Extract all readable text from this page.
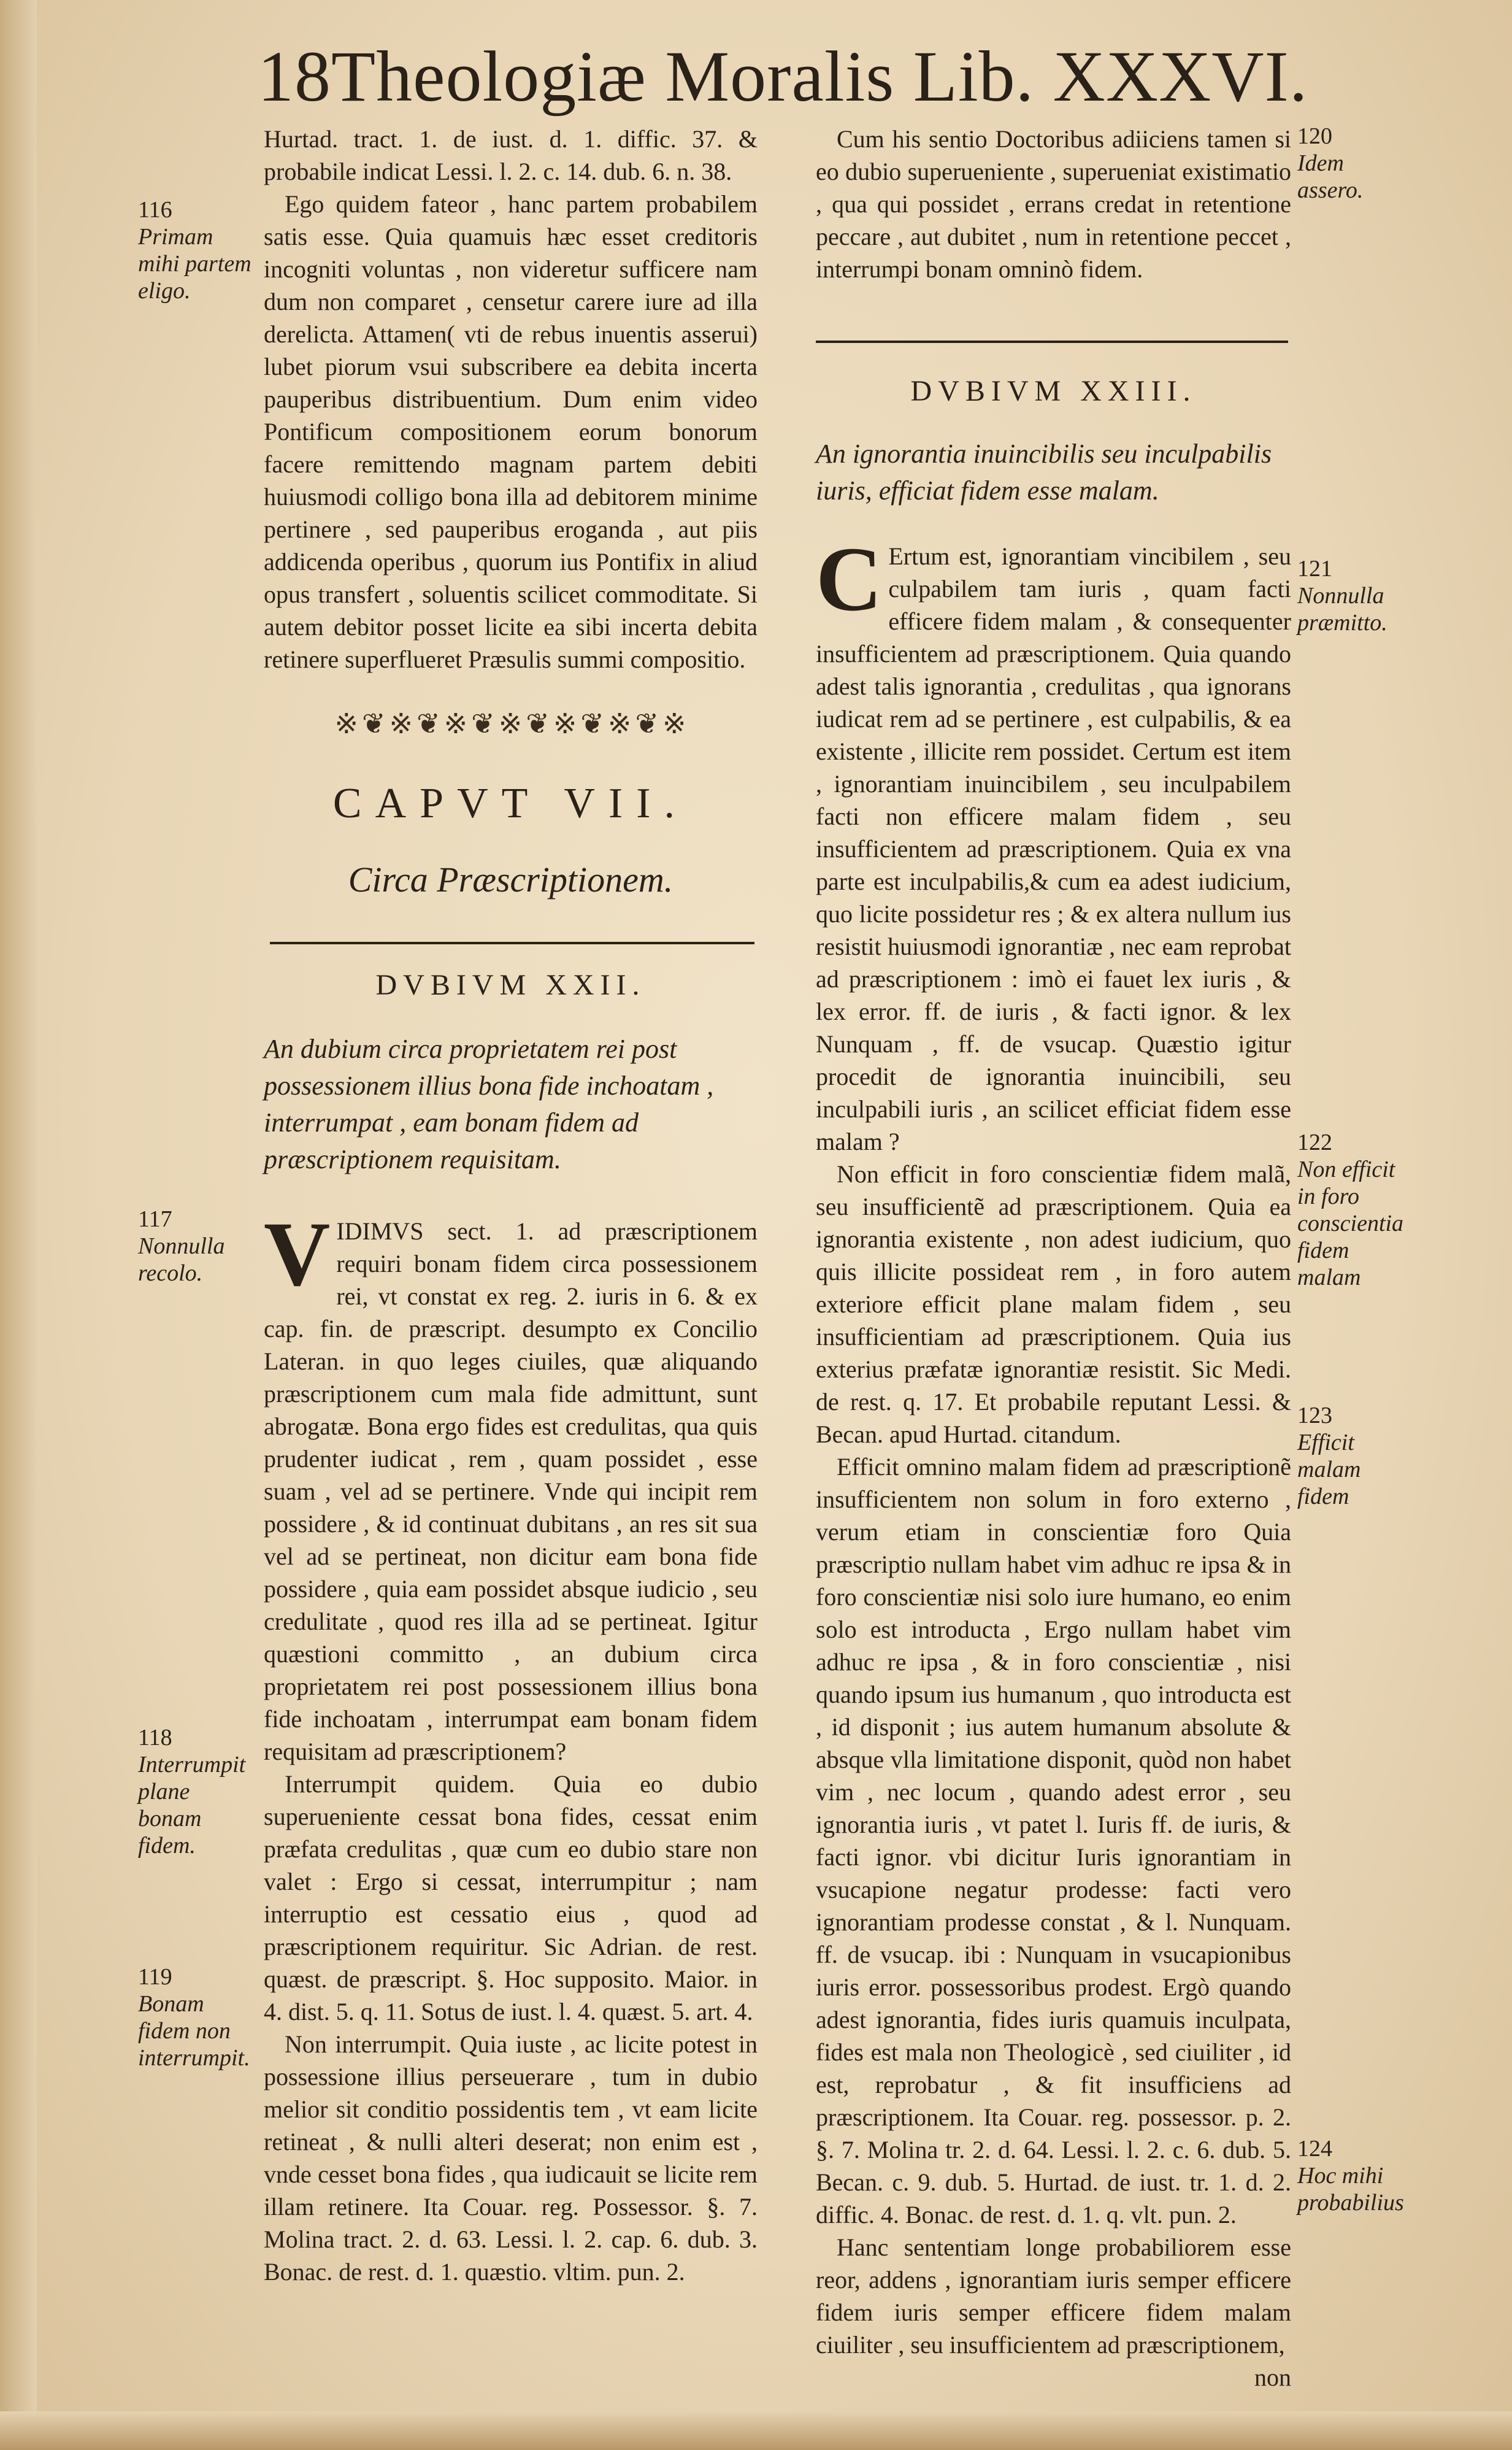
18Theologiæ Moralis Lib. XXXVI.

Hurtad. tract. 1. de iust. d. 1. diffic. 37. & probabile indicat Lessi. l. 2. c. 14. dub. 6. n. 38.

Ego quidem fateor , hanc partem probabilem satis esse. Quia quamuis hæc esset creditoris incogniti voluntas , non videretur sufficere nam dum non comparet , censetur carere iure ad illa derelicta. Attamen( vti de rebus inuentis asserui) lubet piorum vsui subscribere ea debita incerta pauperibus distribuentium. Dum enim video Pontificum compositionem eorum bonorum facere remittendo magnam partem debiti huiusmodi colligo bona illa ad debitorem minime pertinere , sed pauperibus eroganda , aut piis addicenda operibus , quorum ius Pontifix in aliud opus transfert , soluentis scilicet commoditate. Si autem debitor posset licite ea sibi incerta debita retinere superflueret Præsulis summi compositio.

※❦※❦※❦※❦※❦※❦※
CAPVT VII.
Circa Præscriptionem.
DVBIVM XXII.
An dubium circa proprietatem rei post possessionem illius bona fide inchoatam , interrumpat , eam bonam fidem ad præscriptionem requisitam.

VIDIMVS sect. 1. ad præscriptionem requiri bonam fidem circa possessionem rei, vt constat ex reg. 2. iuris in 6. & ex cap. fin. de præscript. desumpto ex Concilio Lateran. in quo leges ciuiles, quæ aliquando præscriptionem cum mala fide admittunt, sunt abrogatæ. Bona ergo fides est credulitas, qua quis prudenter iudicat , rem , quam possidet , esse suam , vel ad se pertinere. Vnde qui incipit rem possidere , & id continuat dubitans , an res sit sua vel ad se pertineat, non dicitur eam bona fide possidere , quia eam possidet absque iudicio , seu credulitate , quod res illa ad se pertineat. Igitur quæstioni committo , an dubium circa proprietatem rei post possessionem illius bona fide inchoatam , interrumpat eam bonam fidem requisitam ad præscriptionem?

Interrumpit quidem. Quia eo dubio superueniente cessat bona fides, cessat enim præfata credulitas , quæ cum eo dubio stare non valet : Ergo si cessat, interrumpitur ; nam interruptio est cessatio eius , quod ad præscriptionem requiritur. Sic Adrian. de rest. quæst. de præscript. §. Hoc supposito. Maior. in 4. dist. 5. q. 11. Sotus de iust. l. 4. quæst. 5. art. 4.

Non interrumpit. Quia iuste , ac licite potest in possessione illius perseuerare , tum in dubio melior sit conditio possidentis tem , vt eam licite retineat , & nulli alteri deserat; non enim est , vnde cesset bona fides , qua iudicauit se licite rem illam retinere. Ita Couar. reg. Possessor. §. 7. Molina tract. 2. d. 63. Lessi. l. 2. cap. 6. dub. 3. Bonac. de rest. d. 1. quæstio. vltim. pun. 2.

Cum his sentio Doctoribus adiiciens tamen si eo dubio superueniente , superueniat existimatio , qua qui possidet , errans credat in retentione peccare , aut dubitet , num in retentione peccet , interrumpi bonam omninò fidem.

DVBIVM XXIII.
An ignorantia inuincibilis seu inculpabilis iuris, efficiat fidem esse malam.

C Ertum est, ignorantiam vincibilem , seu culpabilem tam iuris , quam facti efficere fidem malam , & consequenter insufficientem ad præscriptionem. Quia quando adest talis ignorantia , credulitas , qua ignorans iudicat rem ad se pertinere , est culpabilis, & ea existente , illicite rem possidet. Certum est item , ignorantiam inuincibilem , seu inculpabilem facti non efficere malam fidem , seu insufficientem ad præscriptionem. Quia ex vna parte est inculpabilis,& cum ea adest iudicium, quo licite possidetur res ; & ex altera nullum ius resistit huiusmodi ignorantiæ , nec eam reprobat ad præscriptionem : imò ei fauet lex iuris , & lex error. ff. de iuris , & facti ignor. & lex Nunquam , ff. de vsucap. Quæstio igitur procedit de ignorantia inuincibili, seu inculpabili iuris , an scilicet efficiat fidem esse malam ?

Non efficit in foro conscientiæ fidem malã, seu insufficientẽ ad præscriptionem. Quia ea ignorantia existente , non adest iudicium, quo quis illicite possideat rem , in foro autem exteriore efficit plane malam fidem , seu insufficientiam ad præscriptionem. Quia ius exterius præfatæ ignorantiæ resistit. Sic Medi. de rest. q. 17. Et probabile reputant Lessi. & Becan. apud Hurtad. citandum.

Efficit omnino malam fidem ad præscriptionẽ insufficientem non solum in foro externo , verum etiam in conscientiæ foro Quia præscriptio nullam habet vim adhuc re ipsa & in foro conscientiæ nisi solo iure humano, eo enim solo est introducta , Ergo nullam habet vim adhuc re ipsa , & in foro conscientiæ , nisi quando ipsum ius humanum , quo introducta est , id disponit ; ius autem humanum absolute & absque vlla limitatione disponit, quòd non habet vim , nec locum , quando adest error , seu ignorantia iuris , vt patet l. Iuris ff. de iuris, & facti ignor. vbi dicitur Iuris ignorantiam in vsucapione negatur prodesse: facti vero ignorantiam prodesse constat , & l. Nunquam. ff. de vsucap. ibi : Nunquam in vsucapionibus iuris error. possessoribus prodest. Ergò quando adest ignorantia, fides iuris quamuis inculpata, fides est mala non Theologicè , sed ciuiliter , id est, reprobatur , & fit insufficiens ad præscriptionem. Ita Couar. reg. possessor. p. 2. §. 7. Molina tr. 2. d. 64. Lessi. l. 2. c. 6. dub. 5. Becan. c. 9. dub. 5. Hurtad. de iust. tr. 1. d. 2. diffic. 4. Bonac. de rest. d. 1. q. vlt. pun. 2.

Hanc sententiam longe probabiliorem esse reor, addens , ignorantiam iuris semper efficere fidem iuris semper efficere fidem malam ciuiliter , seu insufficientem ad præscriptionem,

non

116
Primam mihi partem eligo.
117
Nonnulla recolo.
118
Interrumpit plane bonam fidem.
119
Bonam fidem non interrumpit.
120
Idem assero.
121
Nonnulla præmitto.
122
Non efficit in foro conscientia fidem malam
123
Efficit malam fidem
124
Hoc mihi probabilius
